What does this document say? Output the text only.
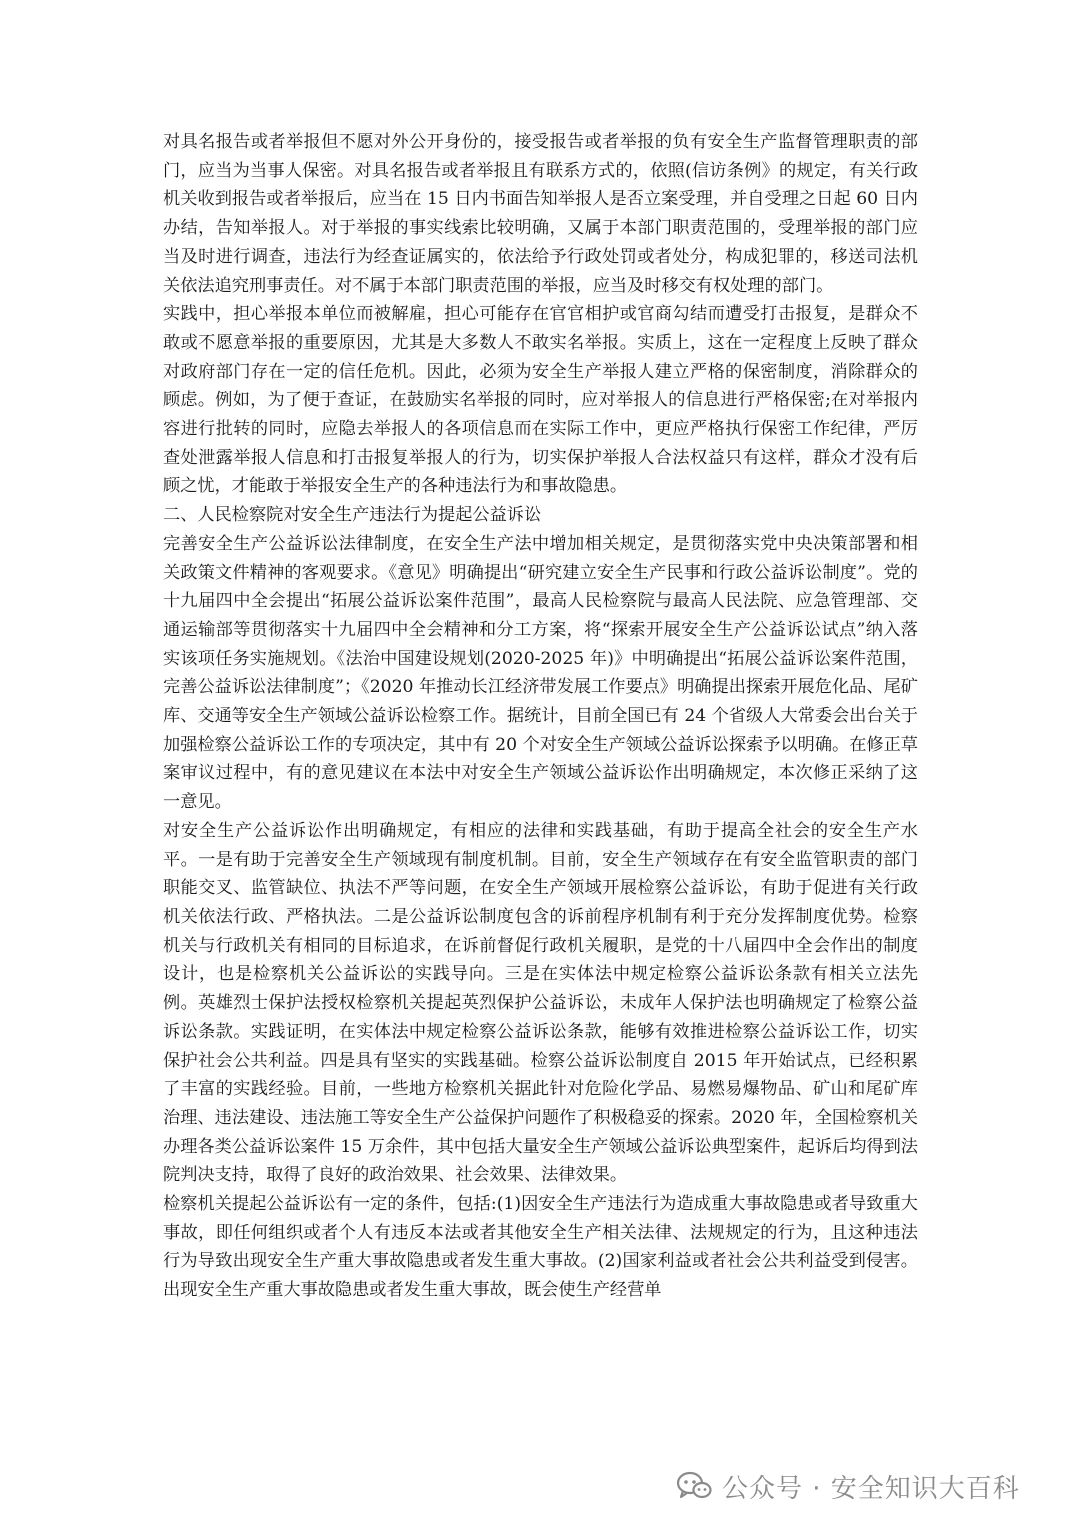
对具名报告或者举报但不愿对外公开身份的，接受报告或者举报的负有安全生产监督管理职责的部门，应当为当事人保密。对具名报告或者举报且有联系方式的，依照(信访条例》的规定，有关行政机关收到报告或者举报后，应当在 15 日内书面告知举报人是否立案受理，并自受理之日起 60 日内办结，告知举报人。对于举报的事实线索比较明确，又属于本部门职责范围的，受理举报的部门应当及时进行调查，违法行为经查证属实的，依法给予行政处罚或者处分，构成犯罪的，移送司法机关依法追究刑事责任。对不属于本部门职责范围的举报，应当及时移交有权处理的部门。

实践中，担心举报本单位而被解雇，担心可能存在官官相护或官商勾结而遭受打击报复，是群众不敢或不愿意举报的重要原因，尤其是大多数人不敢实名举报。实质上，这在一定程度上反映了群众对政府部门存在一定的信任危机。因此，必须为安全生产举报人建立严格的保密制度，消除群众的顾虑。例如，为了便于查证，在鼓励实名举报的同时，应对举报人的信息进行严格保密;在对举报内容进行批转的同时，应隐去举报人的各项信息而在实际工作中，更应严格执行保密工作纪律，严厉查处泄露举报人信息和打击报复举报人的行为，切实保护举报人合法权益只有这样，群众才没有后顾之忧，才能敢于举报安全生产的各种违法行为和事故隐患。

二、人民检察院对安全生产违法行为提起公益诉讼

完善安全生产公益诉讼法律制度，在安全生产法中增加相关规定，是贯彻落实党中央决策部署和相关政策文件精神的客观要求。《意见》明确提出“研究建立安全生产民事和行政公益诉讼制度”。党的十九届四中全会提出“拓展公益诉讼案件范围”，最高人民检察院与最高人民法院、应急管理部、交通运输部等贯彻落实十九届四中全会精神和分工方案，将“探索开展安全生产公益诉讼试点”纳入落实该项任务实施规划。《法治中国建设规划(2020-2025 年)》中明确提出“拓展公益诉讼案件范围，完善公益诉讼法律制度”；《2020 年推动长江经济带发展工作要点》明确提出探索开展危化品、尾矿库、交通等安全生产领域公益诉讼检察工作。据统计，目前全国已有 24 个省级人大常委会出台关于加强检察公益诉讼工作的专项决定，其中有 20 个对安全生产领域公益诉讼探索予以明确。在修正草案审议过程中，有的意见建议在本法中对安全生产领域公益诉讼作出明确规定，本次修正采纳了这一意见。

对安全生产公益诉讼作出明确规定，有相应的法律和实践基础，有助于提高全社会的安全生产水平。一是有助于完善安全生产领域现有制度机制。目前，安全生产领域存在有安全监管职责的部门职能交叉、监管缺位、执法不严等问题，在安全生产领域开展检察公益诉讼，有助于促进有关行政机关依法行政、严格执法。二是公益诉讼制度包含的诉前程序机制有利于充分发挥制度优势。检察机关与行政机关有相同的目标追求，在诉前督促行政机关履职，是党的十八届四中全会作出的制度设计，也是检察机关公益诉讼的实践导向。三是在实体法中规定检察公益诉讼条款有相关立法先例。英雄烈士保护法授权检察机关提起英烈保护公益诉讼，未成年人保护法也明确规定了检察公益诉讼条款。实践证明，在实体法中规定检察公益诉讼条款，能够有效推进检察公益诉讼工作，切实保护社会公共利益。四是具有坚实的实践基础。检察公益诉讼制度自 2015 年开始试点，已经积累了丰富的实践经验。目前，一些地方检察机关据此针对危险化学品、易燃易爆物品、矿山和尾矿库治理、违法建设、违法施工等安全生产公益保护问题作了积极稳妥的探索。2020 年，全国检察机关办理各类公益诉讼案件 15 万余件，其中包括大量安全生产领域公益诉讼典型案件，起诉后均得到法院判决支持，取得了良好的政治效果、社会效果、法律效果。

检察机关提起公益诉讼有一定的条件，包括:(1)因安全生产违法行为造成重大事故隐患或者导致重大事故，即任何组织或者个人有违反本法或者其他安全生产相关法律、法规规定的行为，且这种违法行为导致出现安全生产重大事故隐患或者发生重大事故。(2)国家利益或者社会公共利益受到侵害。出现安全生产重大事故隐患或者发生重大事故，既会使生产经营单

公众号 · 安全知识大百科
